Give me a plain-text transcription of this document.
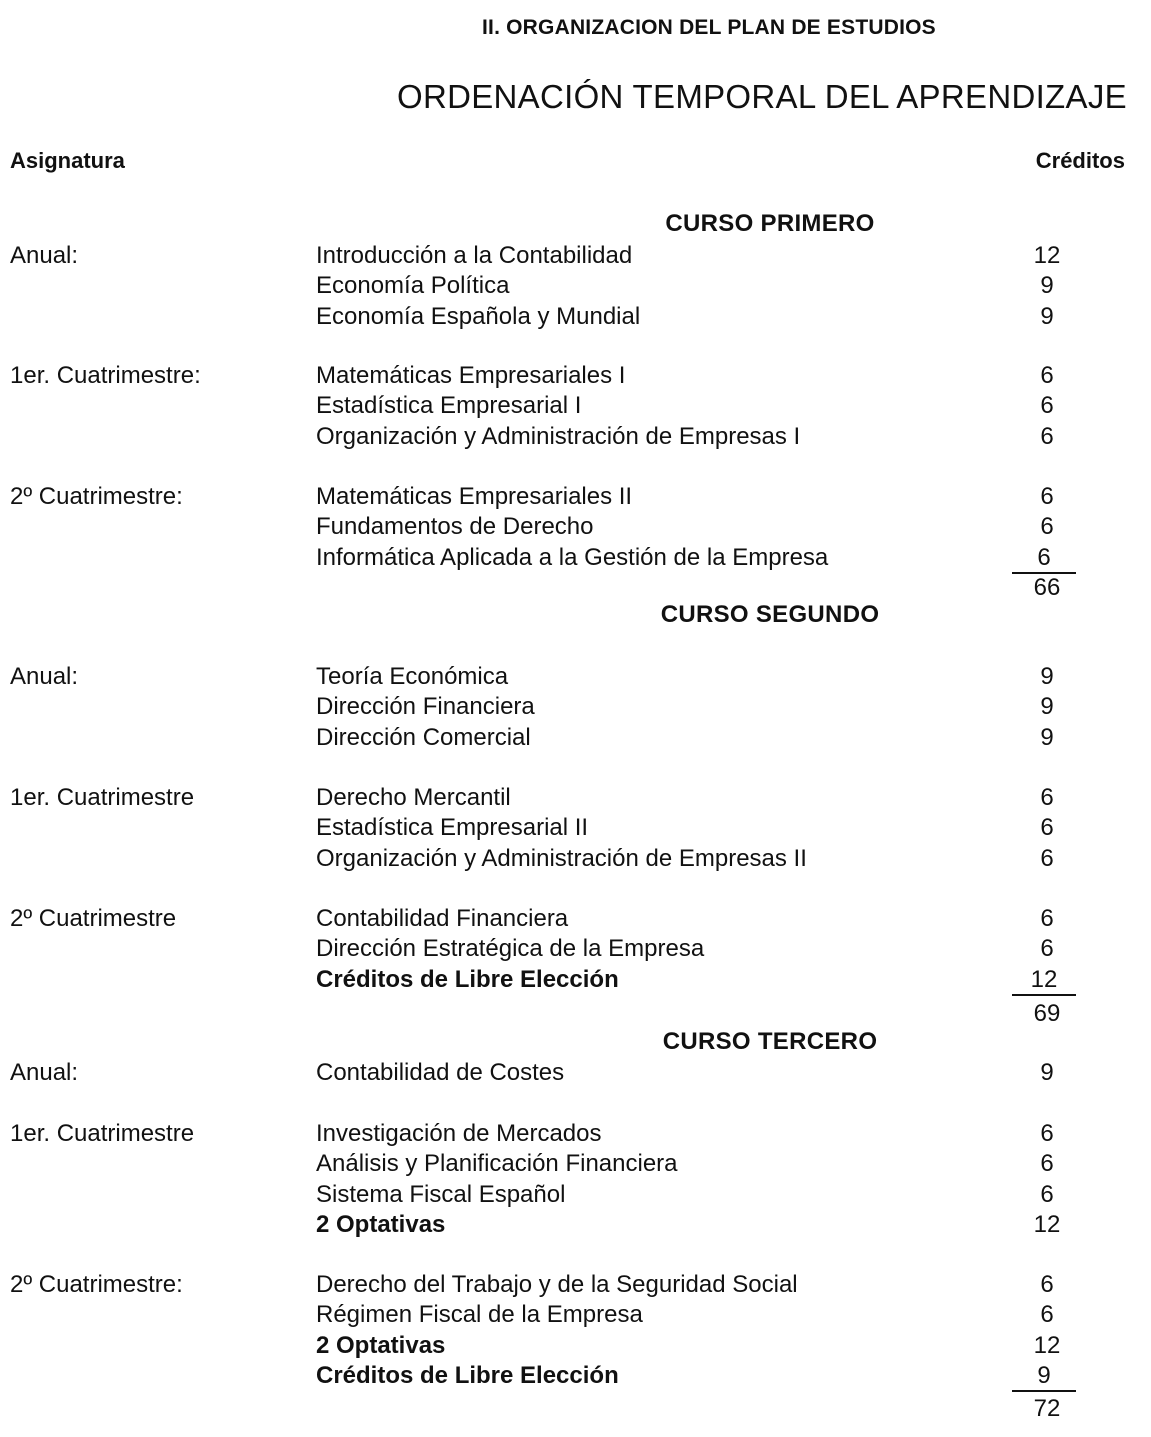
II. ORGANIZACION DEL PLAN DE ESTUDIOS
ORDENACIÓN TEMPORAL DEL APRENDIZAJE
Asignatura	Créditos
CURSO PRIMERO
Anual:	Introducción a la Contabilidad	12
Economía Política	9
Economía Española y Mundial	9
1er. Cuatrimestre:	Matemáticas Empresariales I	6
Estadística Empresarial I	6
Organización y Administración de Empresas I	6
2º Cuatrimestre:	Matemáticas Empresariales II	6
Fundamentos de Derecho	6
Informática Aplicada a la Gestión de la Empresa	6
66
CURSO SEGUNDO
Anual:	Teoría Económica	9
Dirección Financiera	9
Dirección Comercial	9
1er. Cuatrimestre	Derecho Mercantil	6
Estadística Empresarial II	6
Organización y Administración de Empresas II	6
2º Cuatrimestre	Contabilidad Financiera	6
Dirección Estratégica de la Empresa	6
Créditos de Libre Elección	12
69
CURSO TERCERO
Anual:	Contabilidad de Costes	9
1er. Cuatrimestre	Investigación de Mercados	6
Análisis y Planificación Financiera	6
Sistema Fiscal Español	6
2 Optativas	12
2º Cuatrimestre:	Derecho del Trabajo y de la Seguridad Social	6
Régimen Fiscal de la Empresa	6
2 Optativas	12
Créditos de Libre Elección	9
72
